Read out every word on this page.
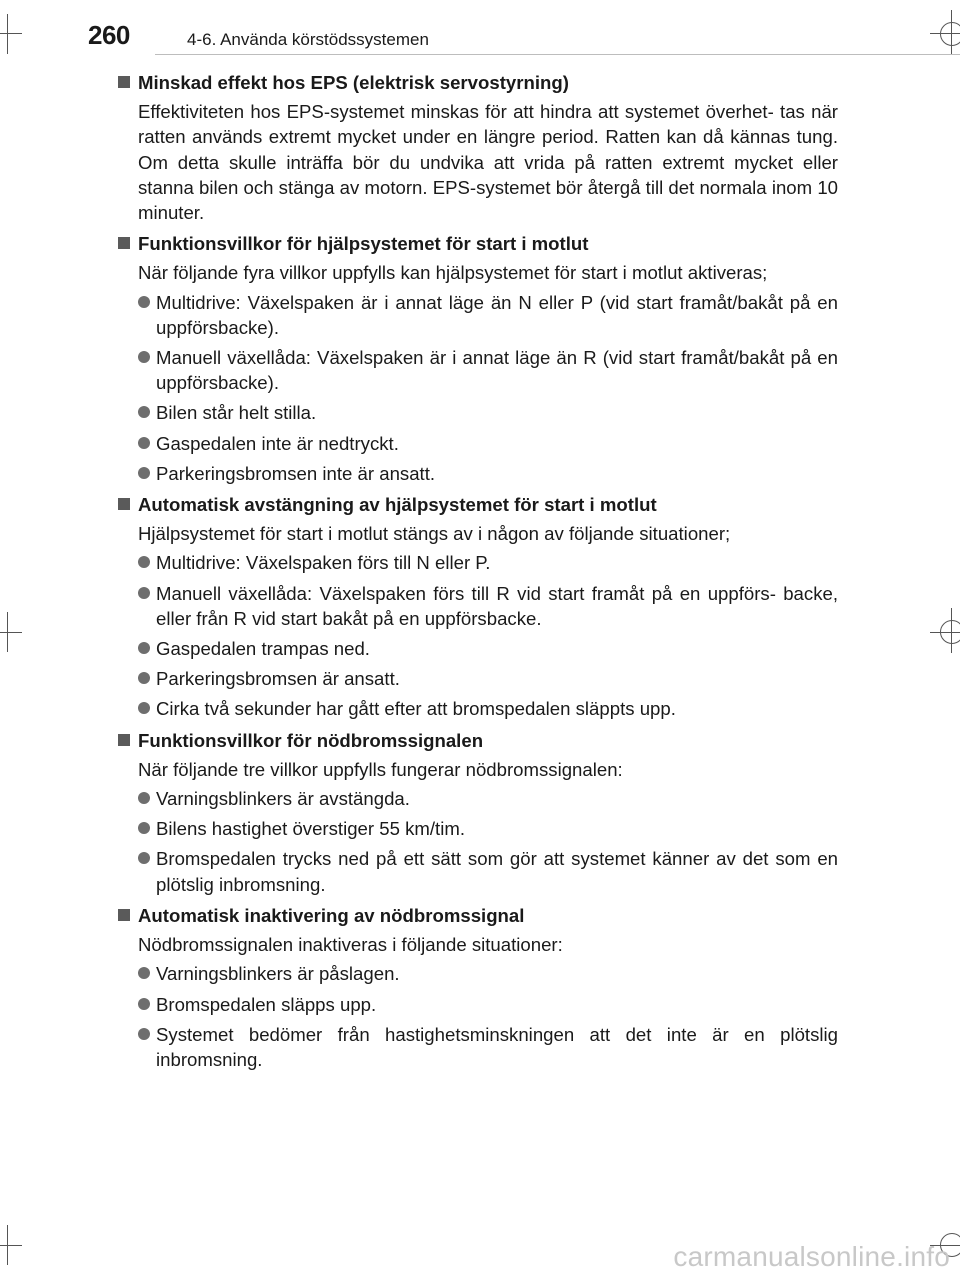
260	4-6. Använda körstödssystemen
Minskad effekt hos EPS (elektrisk servostyrning)

Effektiviteten hos EPS-systemet minskas för att hindra att systemet överhet- tas när ratten används extremt mycket under en längre period. Ratten kan då kännas tung. Om detta skulle inträffa bör du undvika att vrida på ratten extremt mycket eller stanna bilen och stänga av motorn. EPS-systemet bör återgå till det normala inom 10 minuter.

Funktionsvillkor för hjälpsystemet för start i motlut

När följande fyra villkor uppfylls kan hjälpsystemet för start i motlut aktiveras;

Multidrive: Växelspaken är i annat läge än N eller P (vid start framåt/bakåt på en uppförsbacke).
Manuell växellåda: Växelspaken är i annat läge än R (vid start framåt/bakåt på en uppförsbacke).
Bilen står helt stilla.
Gaspedalen inte är nedtryckt.
Parkeringsbromsen inte är ansatt.
Automatisk avstängning av hjälpsystemet för start i motlut

Hjälpsystemet för start i motlut stängs av i någon av följande situationer;

Multidrive: Växelspaken förs till N eller P.
Manuell växellåda: Växelspaken förs till R vid start framåt på en uppförs- backe, eller från R vid start bakåt på en uppförsbacke.
Gaspedalen trampas ned.
Parkeringsbromsen är ansatt.
Cirka två sekunder har gått efter att bromspedalen släppts upp.
Funktionsvillkor för nödbromssignalen

När följande tre villkor uppfylls fungerar nödbromssignalen:

Varningsblinkers är avstängda.
Bilens hastighet överstiger 55 km/tim.
Bromspedalen trycks ned på ett sätt som gör att systemet känner av det som en plötslig inbromsning.
Automatisk inaktivering av nödbromssignal

Nödbromssignalen inaktiveras i följande situationer:

Varningsblinkers är påslagen.
Bromspedalen släpps upp.
Systemet bedömer från hastighetsminskningen att det inte är en plötslig inbromsning.
carmanualsonline.info
